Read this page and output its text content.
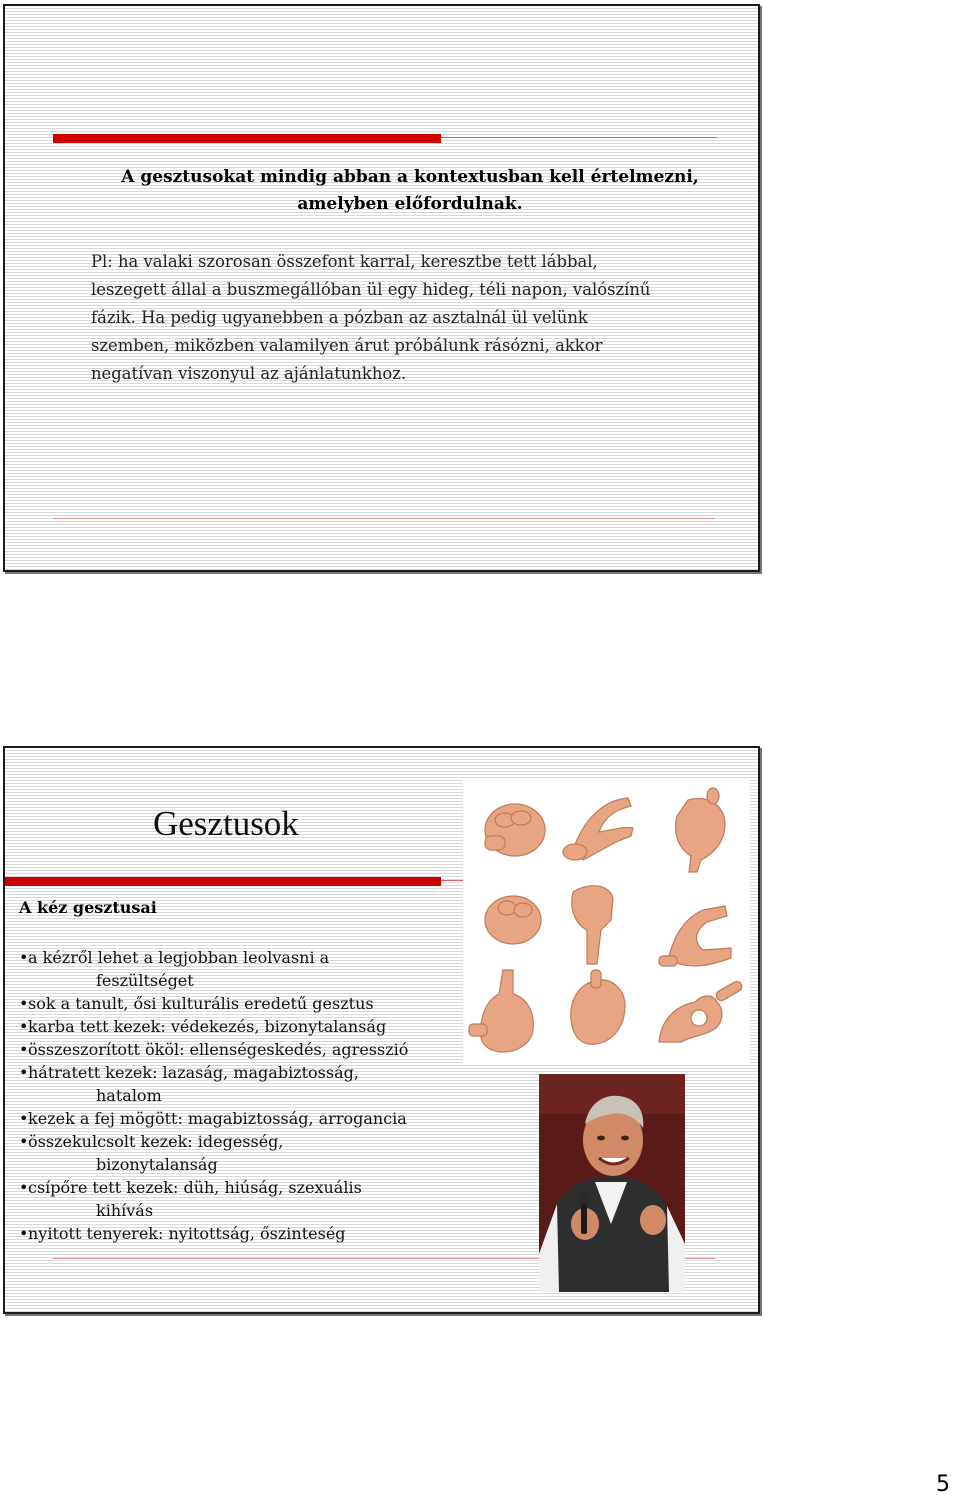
A gesztusokat mindig abban a kontextusban kell értelmezni,
amelyben előfordulnak.
Pl: ha valaki szorosan összefont karral, keresztbe tett lábbal,
leszegett állal a buszmegállóban ül egy hideg, téli napon, valószínű
fázik. Ha pedig ugyanebben a pózban az asztalnál ül velünk
szemben, miközben valamilyen árut próbálunk rásózni, akkor
negatívan viszonyul az ajánlatunkhoz.
Gesztusok
A kéz gesztusai
• a kézről lehet a legjobban leolvasni a
feszültséget
• sok a tanult, ősi kulturális eredetű gesztus
• karba tett kezek: védekezés, bizonytalanság
• összeszorított ököl: ellenségeskedés, agresszió
• hátratett kezek: lazaság, magabiztosság,
hatalom
• kezek a fej mögött: magabiztosság, arrogancia
• összekulcsolt kezek: idegesség,
bizonytalanság
• csípőre tett kezek: düh, hiúság, szexuális
kihívás
• nyitott tenyerek: nyitottság, őszinteség
5
